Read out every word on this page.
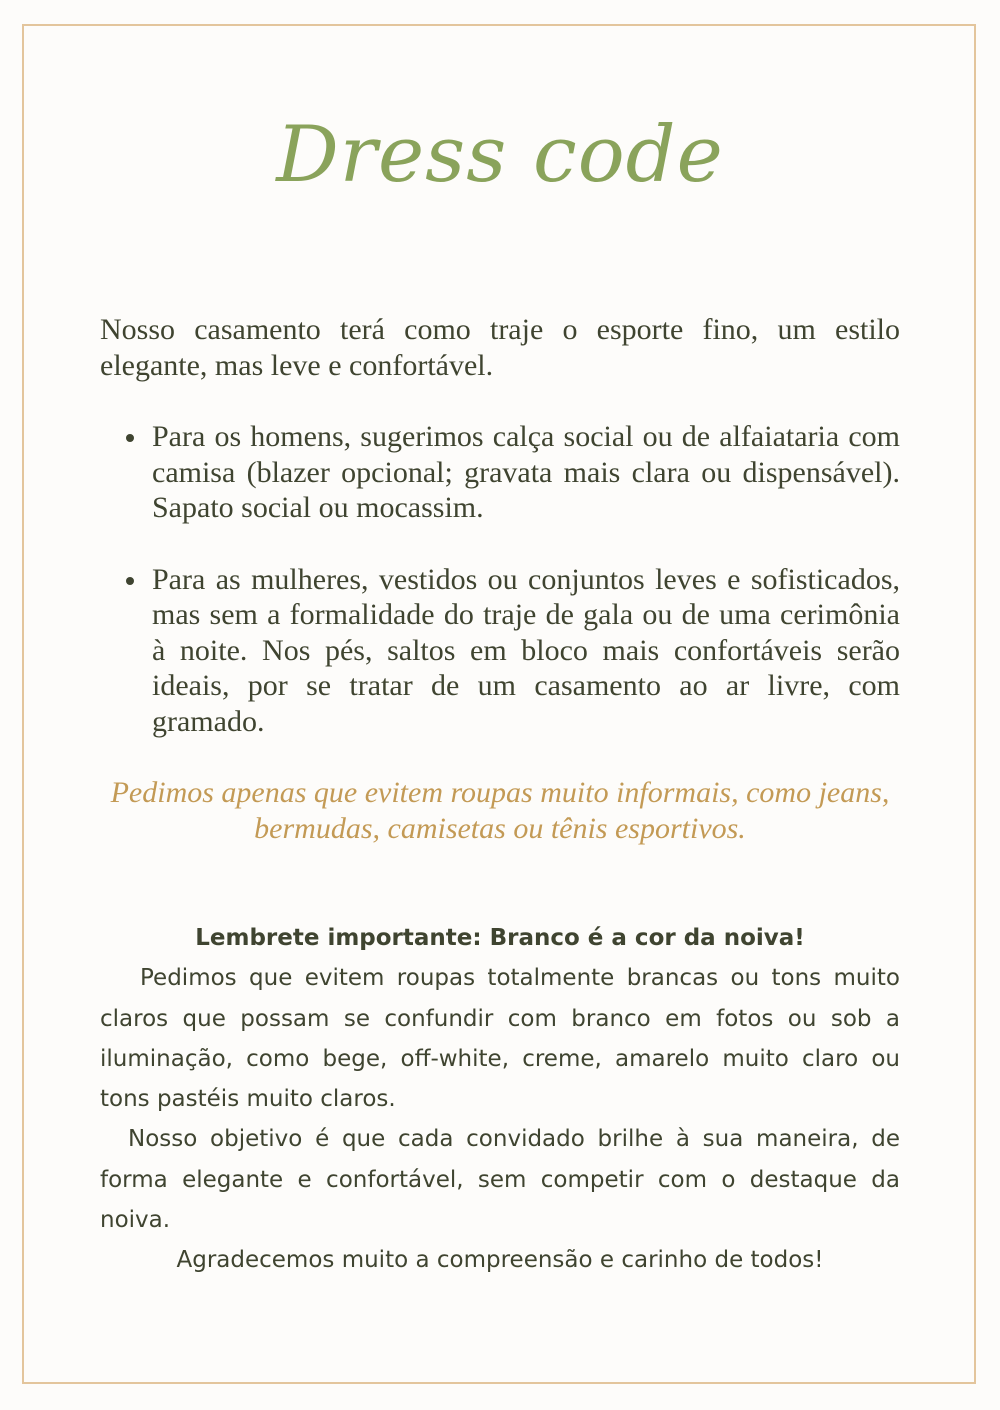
Dress code

Nosso casamento terá como traje o esporte fino, um estilo elegante, mas leve e confortável.

Para os homens, sugerimos calça social ou de alfaiataria com camisa (blazer opcional; gravata mais clara ou dispensável). Sapato social ou mocassim.
Para as mulheres, vestidos ou conjuntos leves e sofisticados, mas sem a formalidade do traje de gala ou de uma cerimônia à noite. Nos pés, saltos em bloco mais confortáveis serão ideais, por se tratar de um casamento ao ar livre, com gramado.

Pedimos apenas que evitem roupas muito informais, como jeans, bermudas, camisetas ou tênis esportivos.

Lembrete importante: Branco é a cor da noiva!

Pedimos que evitem roupas totalmente brancas ou tons muito claros que possam se confundir com branco em fotos ou sob a iluminação, como bege, off-white, creme, amarelo muito claro ou tons pastéis muito claros.

Nosso objetivo é que cada convidado brilhe à sua maneira, de forma elegante e confortável, sem competir com o destaque da noiva.

Agradecemos muito a compreensão e carinho de todos!
